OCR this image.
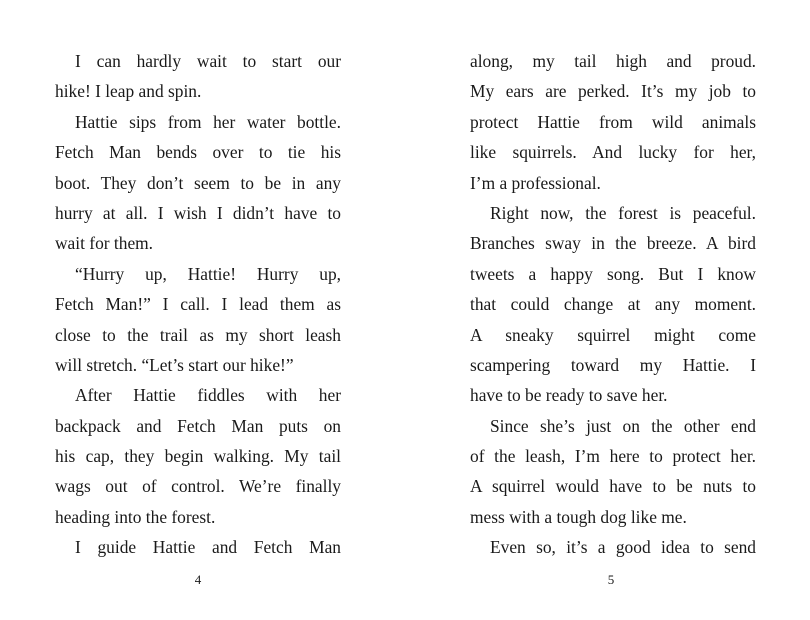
I can hardly wait to start our
hike! I leap and spin.
Hattie sips from her water bottle.
Fetch Man bends over to tie his
boot. They don’t seem to be in any
hurry at all. I wish I didn’t have to
wait for them.
“Hurry up, Hattie! Hurry up,
Fetch Man!” I call. I lead them as
close to the trail as my short leash
will stretch. “Let’s start our hike!”
After Hattie fiddles with her
backpack and Fetch Man puts on
his cap, they begin walking. My tail
wags out of control. We’re finally
heading into the forest.
I guide Hattie and Fetch Man
along, my tail high and proud.
My ears are perked. It’s my job to
protect Hattie from wild animals
like squirrels. And lucky for her,
I’m a professional.
Right now, the forest is peaceful.
Branches sway in the breeze. A bird
tweets a happy song. But I know
that could change at any moment.
A sneaky squirrel might come
scampering toward my Hattie. I
have to be ready to save her.
Since she’s just on the other end
of the leash, I’m here to protect her.
A squirrel would have to be nuts to
mess with a tough dog like me.
Even so, it’s a good idea to send
4	5
